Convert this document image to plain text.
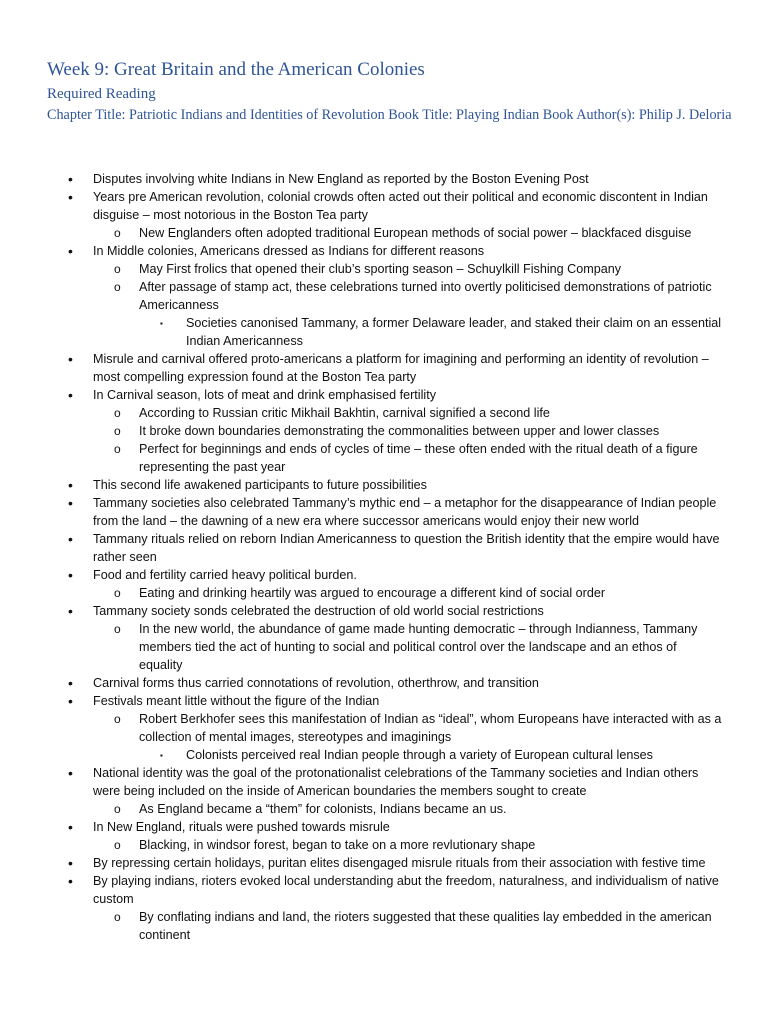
Week 9: Great Britain and the American Colonies
Required Reading

Chapter Title: Patriotic Indians and Identities of Revolution Book Title: Playing Indian Book Author(s): Philip J. Deloria

• Disputes involving white Indians in New England as reported by the Boston Evening Post
• Years pre American revolution, colonial crowds often acted out their political and economic discontent in Indian disguise – most notorious in the Boston Tea party
o New Englanders often adopted traditional European methods of social power – blackfaced disguise
• In Middle colonies, Americans dressed as Indians for different reasons
o May First frolics that opened their club’s sporting season – Schuylkill Fishing Company
o After passage of stamp act, these celebrations turned into overtly politicised demonstrations of patriotic Americanness
▪ Societies canonised Tammany, a former Delaware leader, and staked their claim on an essential Indian Americanness
• Misrule and carnival offered proto-americans a platform for imagining and performing an identity of revolution – most compelling expression found at the Boston Tea party
• In Carnival season, lots of meat and drink emphasised fertility
o According to Russian critic Mikhail Bakhtin, carnival signified a second life
o It broke down boundaries demonstrating the commonalities between upper and lower classes
o Perfect for beginnings and ends of cycles of time – these often ended with the ritual death of a figure representing the past year
• This second life awakened participants to future possibilities
• Tammany societies also celebrated Tammany’s mythic end – a metaphor for the disappearance of Indian people from the land – the dawning of a new era where successor americans would enjoy their new world
• Tammany rituals relied on reborn Indian Americanness to question the British identity that the empire would have rather seen
• Food and fertility carried heavy political burden.
o Eating and drinking heartily was argued to encourage a different kind of social order
• Tammany society sonds celebrated the destruction of old world social restrictions
o In the new world, the abundance of game made hunting democratic – through Indianness, Tammany members tied the act of hunting to social and political control over the landscape and an ethos of equality
• Carnival forms thus carried connotations of revolution, otherthrow, and transition
• Festivals meant little without the figure of the Indian
o Robert Berkhofer sees this manifestation of Indian as “ideal”, whom Europeans have interacted with as a collection of mental images, stereotypes and imaginings
▪ Colonists perceived real Indian people through a variety of European cultural lenses
• National identity was the goal of the protonationalist celebrations of the Tammany societies and Indian others were being included on the inside of American boundaries the members sought to create
o As England became a “them” for colonists, Indians became an us.
• In New England, rituals were pushed towards misrule
o Blacking, in windsor forest, began to take on a more revlutionary shape
• By repressing certain holidays, puritan elites disengaged misrule rituals from their association with festive time
• By playing indians, rioters evoked local understanding abut the freedom, naturalness, and individualism of native custom
o By conflating indians and land, the rioters suggested that these qualities lay embedded in the american continent
